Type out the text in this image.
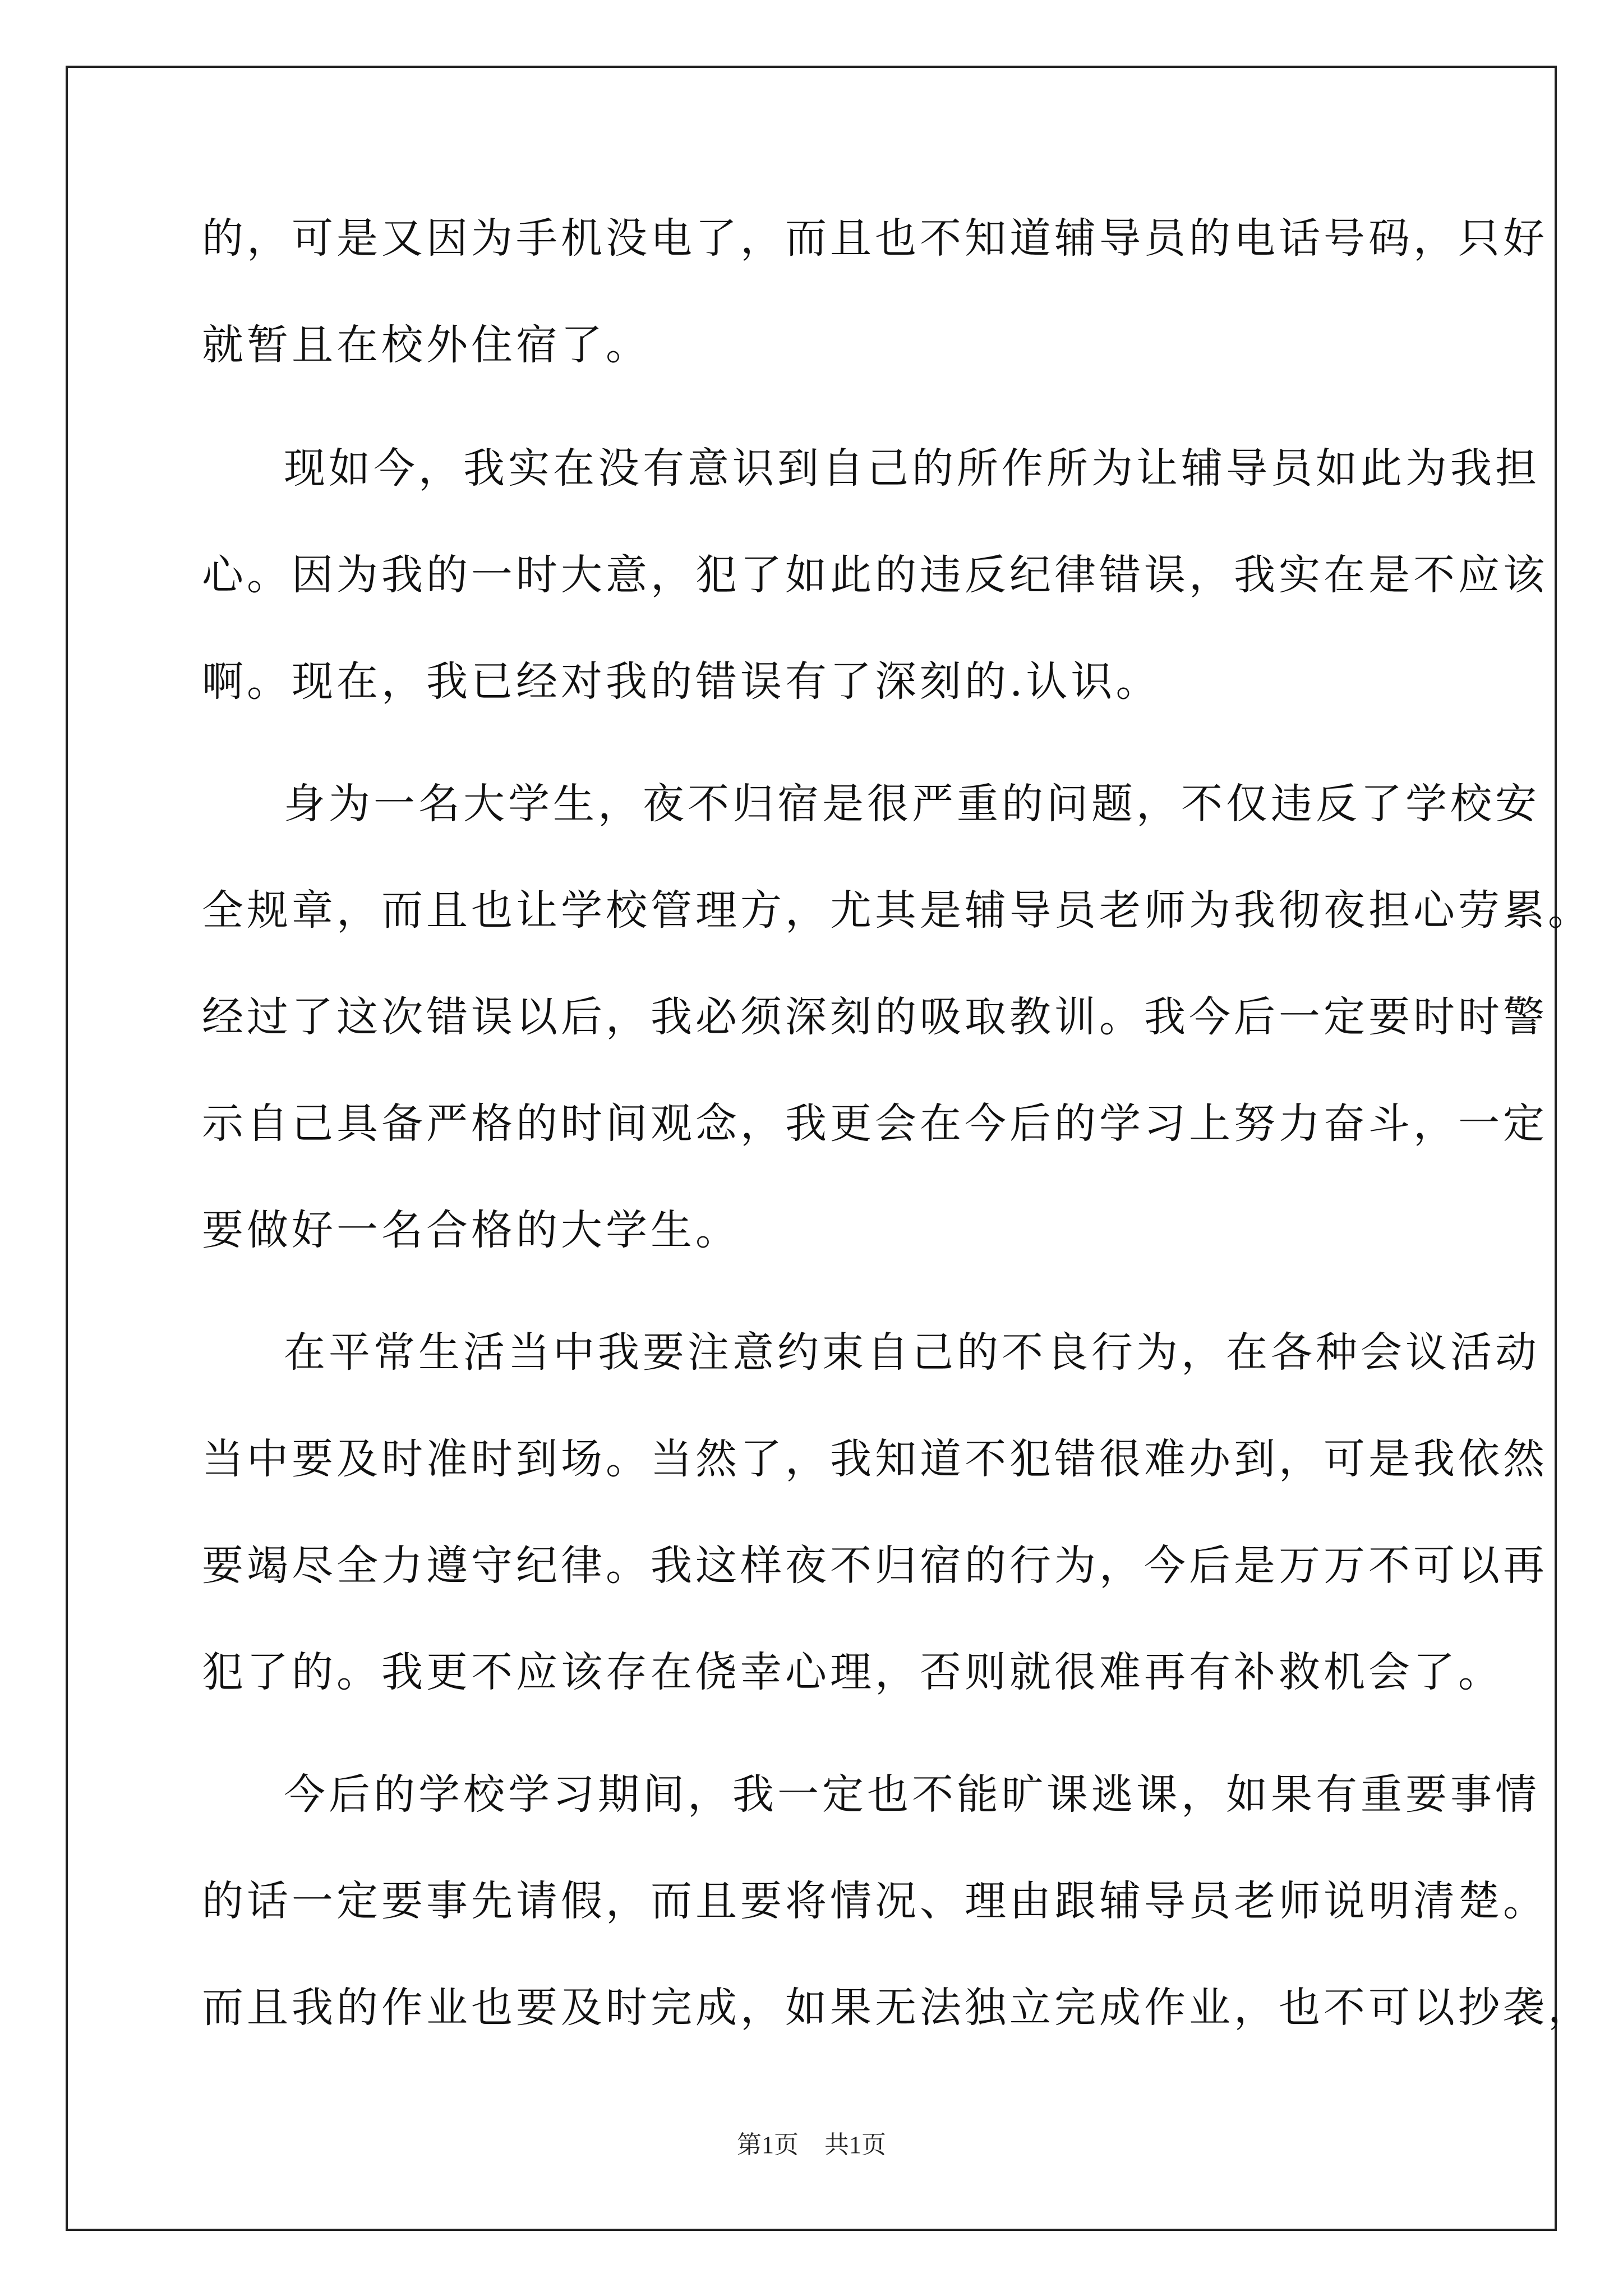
的，可是又因为手机没电了，而且也不知道辅导员的电话号码，只好
就暂且在校外住宿了。
现如今，我实在没有意识到自己的所作所为让辅导员如此为我担
心。因为我的一时大意，犯了如此的违反纪律错误，我实在是不应该
啊。现在，我已经对我的错误有了深刻的.认识。
身为一名大学生，夜不归宿是很严重的问题，不仅违反了学校安
全规章，而且也让学校管理方，尤其是辅导员老师为我彻夜担心劳累。
经过了这次错误以后，我必须深刻的吸取教训。我今后一定要时时警
示自己具备严格的时间观念，我更会在今后的学习上努力奋斗，一定
要做好一名合格的大学生。
在平常生活当中我要注意约束自己的不良行为，在各种会议活动
当中要及时准时到场。当然了，我知道不犯错很难办到，可是我依然
要竭尽全力遵守纪律。我这样夜不归宿的行为，今后是万万不可以再
犯了的。我更不应该存在侥幸心理，否则就很难再有补救机会了。
今后的学校学习期间，我一定也不能旷课逃课，如果有重要事情
的话一定要事先请假，而且要将情况、理由跟辅导员老师说明清楚。
而且我的作业也要及时完成，如果无法独立完成作业，也不可以抄袭，
第1页 共1页
